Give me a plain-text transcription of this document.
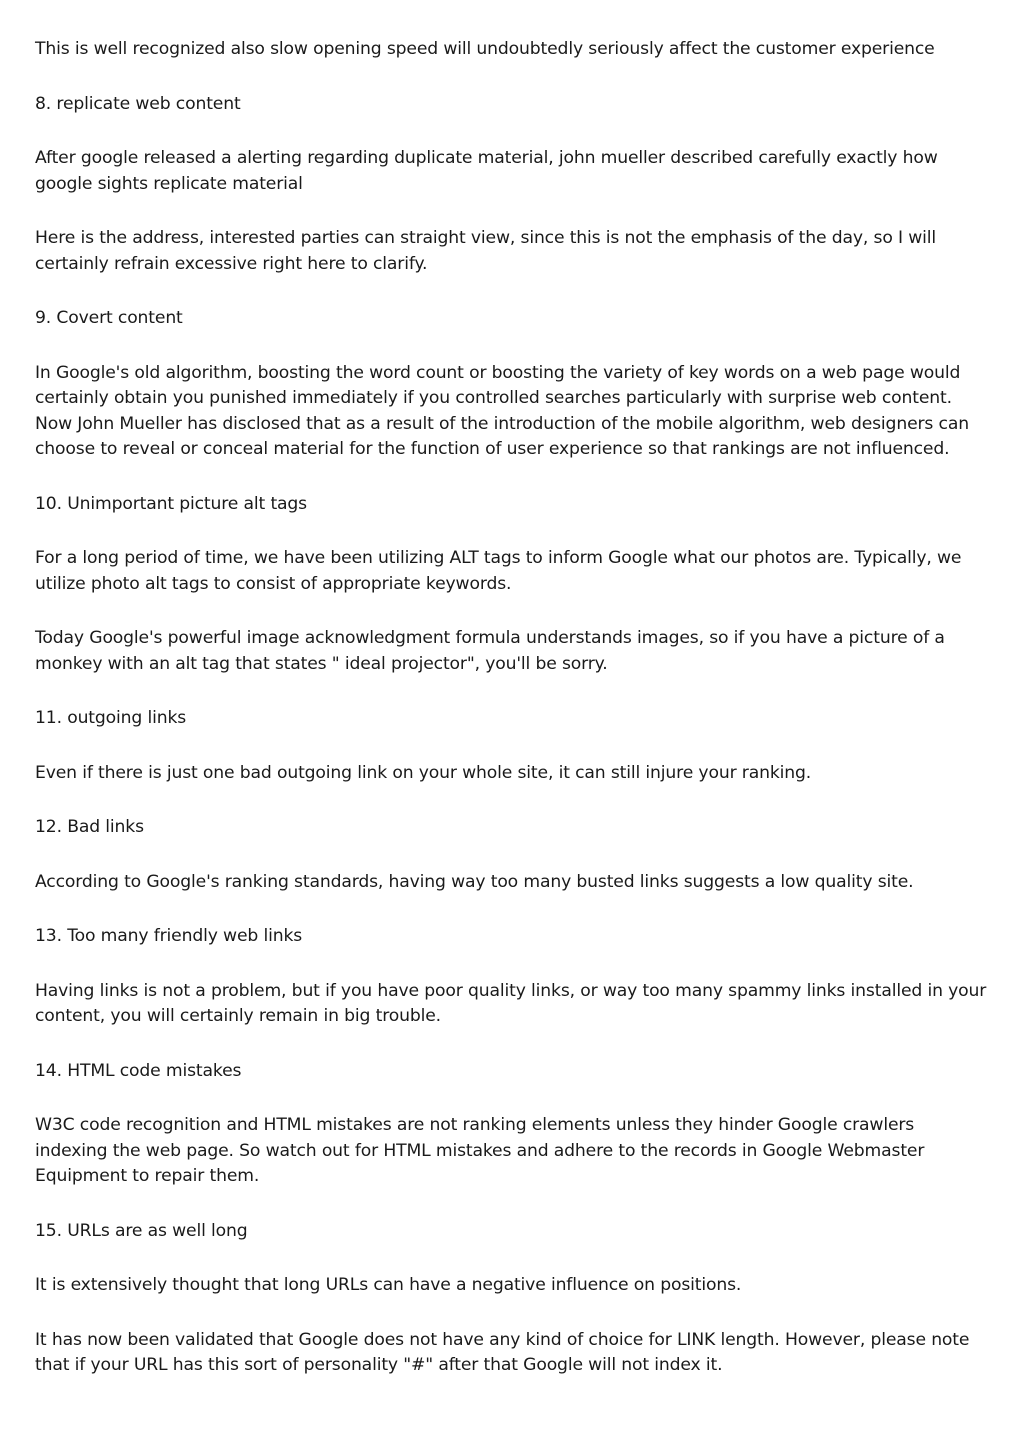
This is well recognized also slow opening speed will undoubtedly seriously affect the customer experience

8. replicate web content

After google released a alerting regarding duplicate material, john mueller described carefully exactly how google sights replicate material

Here is the address, interested parties can straight view, since this is not the emphasis of the day, so I will certainly refrain excessive right here to clarify.

9. Covert content

In Google's old algorithm, boosting the word count or boosting the variety of key words on a web page would certainly obtain you punished immediately if you controlled searches particularly with surprise web content. Now John Mueller has disclosed that as a result of the introduction of the mobile algorithm, web designers can choose to reveal or conceal material for the function of user experience so that rankings are not influenced.

10. Unimportant picture alt tags

For a long period of time, we have been utilizing ALT tags to inform Google what our photos are. Typically, we utilize photo alt tags to consist of appropriate keywords.

Today Google's powerful image acknowledgment formula understands images, so if you have a picture of a monkey with an alt tag that states " ideal projector", you'll be sorry.

11. outgoing links

Even if there is just one bad outgoing link on your whole site, it can still injure your ranking.

12. Bad links

According to Google's ranking standards, having way too many busted links suggests a low quality site.

13. Too many friendly web links

Having links is not a problem, but if you have poor quality links, or way too many spammy links installed in your content, you will certainly remain in big trouble.

14. HTML code mistakes

W3C code recognition and HTML mistakes are not ranking elements unless they hinder Google crawlers indexing the web page. So watch out for HTML mistakes and adhere to the records in Google Webmaster Equipment to repair them.

15. URLs are as well long

It is extensively thought that long URLs can have a negative influence on positions.

It has now been validated that Google does not have any kind of choice for LINK length. However, please note that if your URL has this sort of personality "#" after that Google will not index it.
